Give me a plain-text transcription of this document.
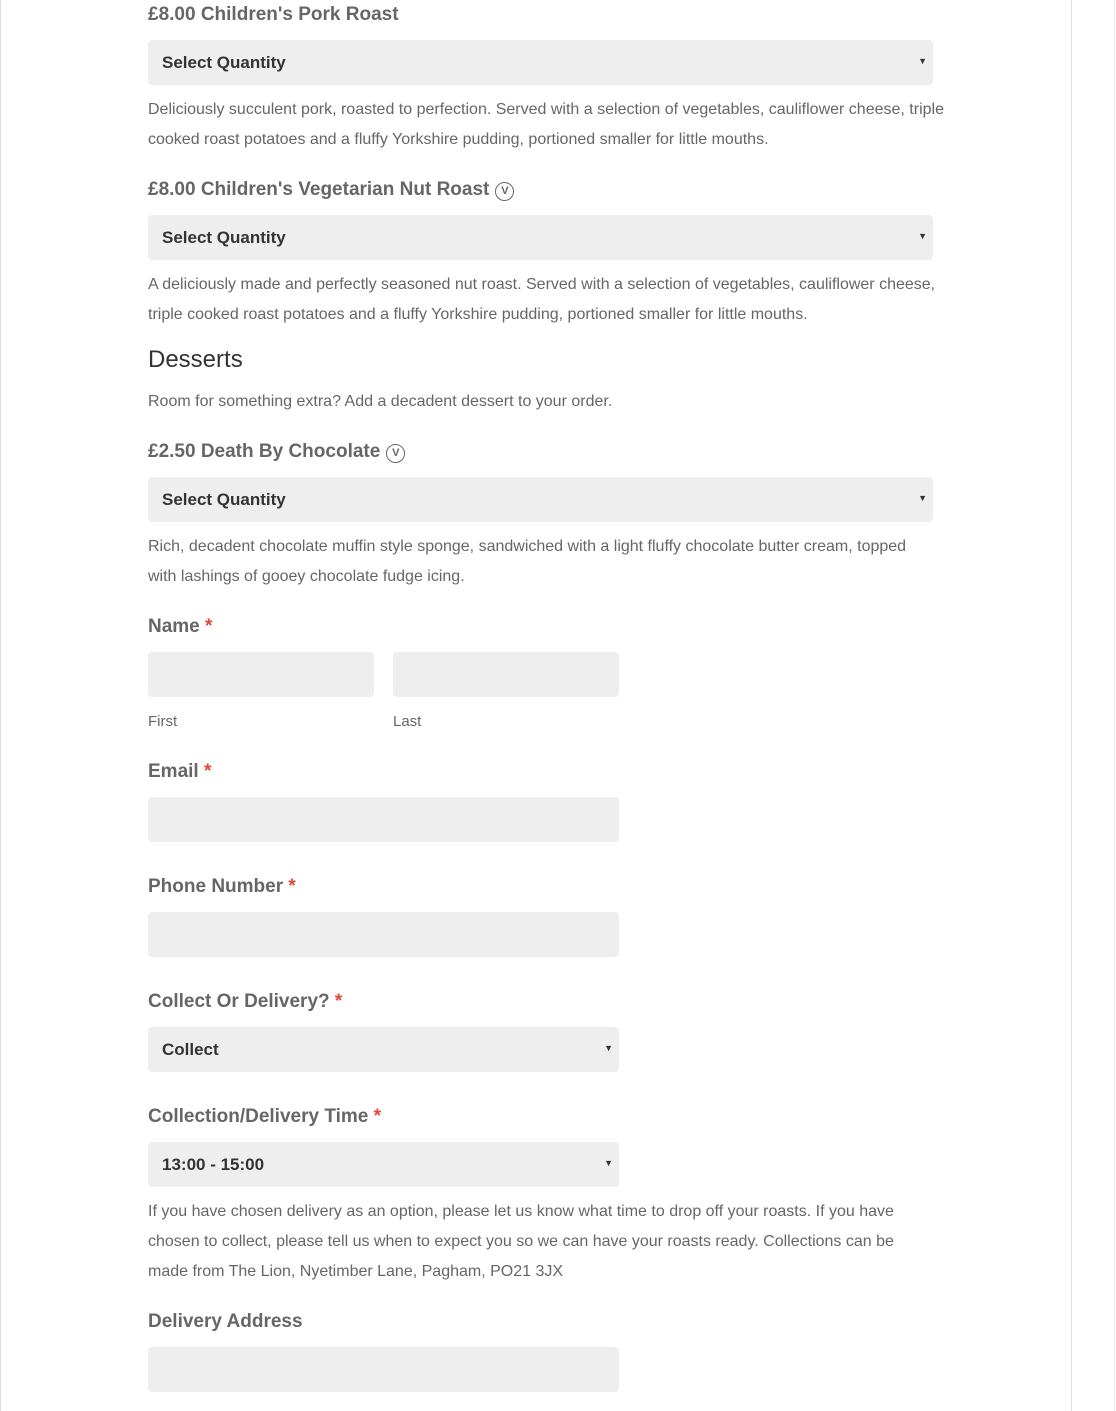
£8.00 Children's Pork Roast
Select Quantity	▼
Deliciously succulent pork, roasted to perfection. Served with a selection of vegetables, cauliflower cheese, triple cooked roast potatoes and a fluffy Yorkshire pudding, portioned smaller for little mouths.
£8.00 Children's Vegetarian Nut Roast V
Select Quantity	▼
A deliciously made and perfectly seasoned nut roast. Served with a selection of vegetables, cauliflower cheese, triple cooked roast potatoes and a fluffy Yorkshire pudding, portioned smaller for little mouths.
Desserts
Room for something extra? Add a decadent dessert to your order.
£2.50 Death By Chocolate V
Select Quantity	▼
Rich, decadent chocolate muffin style sponge, sandwiched with a light fluffy chocolate butter cream, topped with lashings of gooey chocolate fudge icing.
Name *
First	Last
Email *
Phone Number *
Collect Or Delivery? *
Collect	▼
Collection/Delivery Time *
13:00 - 15:00	▼
If you have chosen delivery as an option, please let us know what time to drop off your roasts. If you have chosen to collect, please tell us when to expect you so we can have your roasts ready. Collections can be made from The Lion, Nyetimber Lane, Pagham, PO21 3JX
Delivery Address
